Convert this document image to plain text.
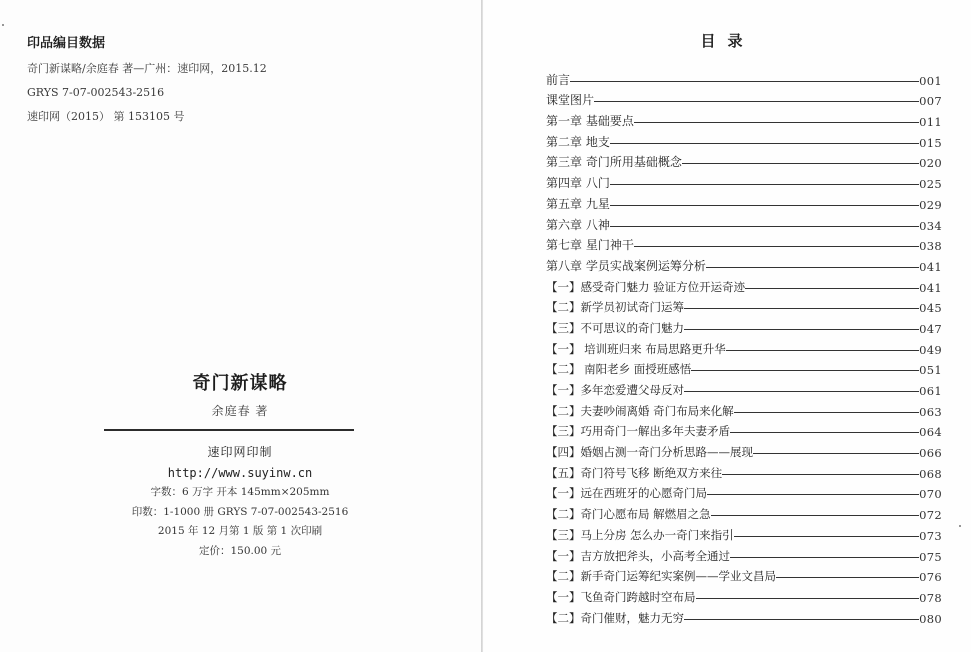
印品编目数据
奇门新谋略/余庭春 著—广州：速印网，2015.12
GRYS 7-07-002543-2516
速印网（2015） 第 153105 号
奇门新谋略
余庭春 著
速印网印制
http://www.suyinw.cn
字数：6 万字 开本 145mm×205mm
印数：1-1000 册 GRYS 7-07-002543-2516
2015 年 12 月第 1 版 第 1 次印刷
定价：150.00 元
目录
前言	001
课堂图片	007
第一章 基础要点	011
第二章 地支	015
第三章 奇门所用基础概念	020
第四章 八门	025
第五章 九星	029
第六章 八神	034
第七章 星门神干	038
第八章 学员实战案例运筹分析	041
【一】感受奇门魅力 验证方位开运奇迹	041
【二】新学员初试奇门运筹	045
【三】不可思议的奇门魅力	047
【一】 培训班归来 布局思路更升华	049
【二】 南阳老乡 面授班感悟	051
【一】多年恋爱遭父母反对	061
【二】夫妻吵闹离婚 奇门布局来化解	063
【三】巧用奇门一解出多年夫妻矛盾	064
【四】婚姻占测一奇门分析思路——展现	066
【五】奇门符号飞移 断绝双方来往	068
【一】远在西班牙的心愿奇门局	070
【二】奇门心愿布局 解燃眉之急	072
【三】马上分房 怎么办一奇门来指引	073
【一】吉方放把斧头，小高考全通过	075
【二】新手奇门运筹纪实案例——学业文昌局	076
【一】飞鱼奇门跨越时空布局	078
【二】奇门催财，魅力无穷	080
